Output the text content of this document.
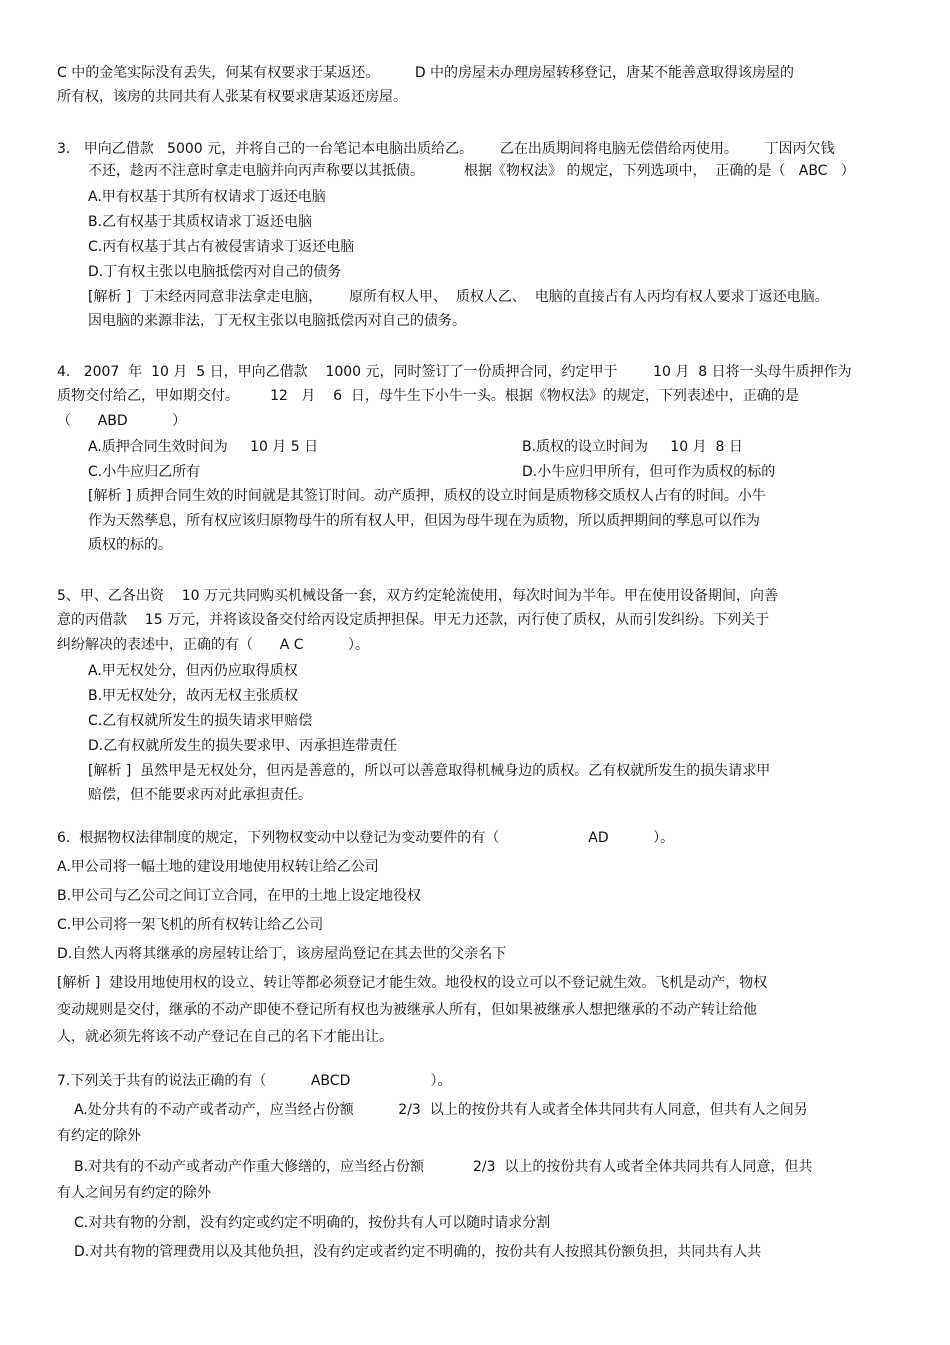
C 中的金笔实际没有丢失，何某有权要求于某返还。        D 中的房屋未办理房屋转移登记，唐某不能善意取得该房屋的
所有权，该房的共同共有人张某有权要求唐某返还房屋。
3.   甲向乙借款   5000 元，并将自己的一台笔记本电脑出质给乙。      乙在出质期间将电脑无偿借给丙使用。      丁因丙欠钱
不还，趁丙不注意时拿走电脑并向丙声称要以其抵债。         根据《物权法》 的规定，下列选项中，  正确的是（   ABC   ）
A.甲有权基于其所有权请求丁返还电脑
B.乙有权基于其质权请求丁返还电脑
C.丙有权基于其占有被侵害请求丁返还电脑
D.丁有权主张以电脑抵偿丙对自己的债务
[解析 ]  丁未经丙同意非法拿走电脑，      原所有权人甲、  质权人乙、  电脑的直接占有人丙均有权人要求丁返还电脑。
因电脑的来源非法，丁无权主张以电脑抵偿丙对自己的债务。
4.   2007  年  10 月  5 日，甲向乙借款    1000 元，同时签订了一份质押合同，约定甲于        10 月  8 日将一头母牛质押作为
质物交付给乙，甲如期交付。       12   月    6  日，母牛生下小牛一头。根据《物权法》的规定，下列表述中，正确的是
（      ABD          ）
A.质押合同生效时间为     10 月 5 日	B.质权的设立时间为     10 月  8 日
C.小牛应归乙所有	D.小牛应归甲所有，但可作为质权的标的
[解析 ] 质押合同生效的时间就是其签订时间。动产质押，质权的设立时间是质物移交质权人占有的时间。小牛
作为天然孳息，所有权应该归原物母牛的所有权人甲，但因为母牛现在为质物，所以质押期间的孳息可以作为
质权的标的。
5、甲、乙各出资    10 万元共同购买机械设备一套，双方约定轮流使用，每次时间为半年。甲在使用设备期间，向善
意的丙借款    15 万元，并将该设备交付给丙设定质押担保。甲无力还款，丙行使了质权，从而引发纠纷。下列关于
纠纷解决的表述中，正确的有（      A C          ）。
A.甲无权处分，但丙仍应取得质权
B.甲无权处分，故丙无权主张质权
C.乙有权就所发生的损失请求甲赔偿
D.乙有权就所发生的损失要求甲、丙承担连带责任
[解析 ]  虽然甲是无权处分，但丙是善意的，所以可以善意取得机械身边的质权。乙有权就所发生的损失请求甲
赔偿，但不能要求丙对此承担责任。
6.  根据物权法律制度的规定，下列物权变动中以登记为变动要件的有（                    AD          ）。
A.甲公司将一幅土地的建设用地使用权转让给乙公司
B.甲公司与乙公司之间订立合同，在甲的土地上设定地役权
C.甲公司将一架飞机的所有权转让给乙公司
D.自然人丙将其继承的房屋转让给丁，该房屋尚登记在其去世的父亲名下
[解析 ]  建设用地使用权的设立、转让等都必须登记才能生效。地役权的设立可以不登记就生效。飞机是动产，物权
变动规则是交付，继承的不动产即使不登记所有权也为被继承人所有，但如果被继承人想把继承的不动产转让给他
人，就必须先将该不动产登记在自己的名下才能出让。
7.下列关于共有的说法正确的有（          ABCD                  ）。
A.处分共有的不动产或者动产，应当经占份额          2/3  以上的按份共有人或者全体共同共有人同意，但共有人之间另
有约定的除外
B.对共有的不动产或者动产作重大修缮的，应当经占份额           2/3  以上的按份共有人或者全体共同共有人同意，但共
有人之间另有约定的除外
C.对共有物的分割，没有约定或约定不明确的，按份共有人可以随时请求分割
D.对共有物的管理费用以及其他负担，没有约定或者约定不明确的，按份共有人按照其份额负担，共同共有人共
